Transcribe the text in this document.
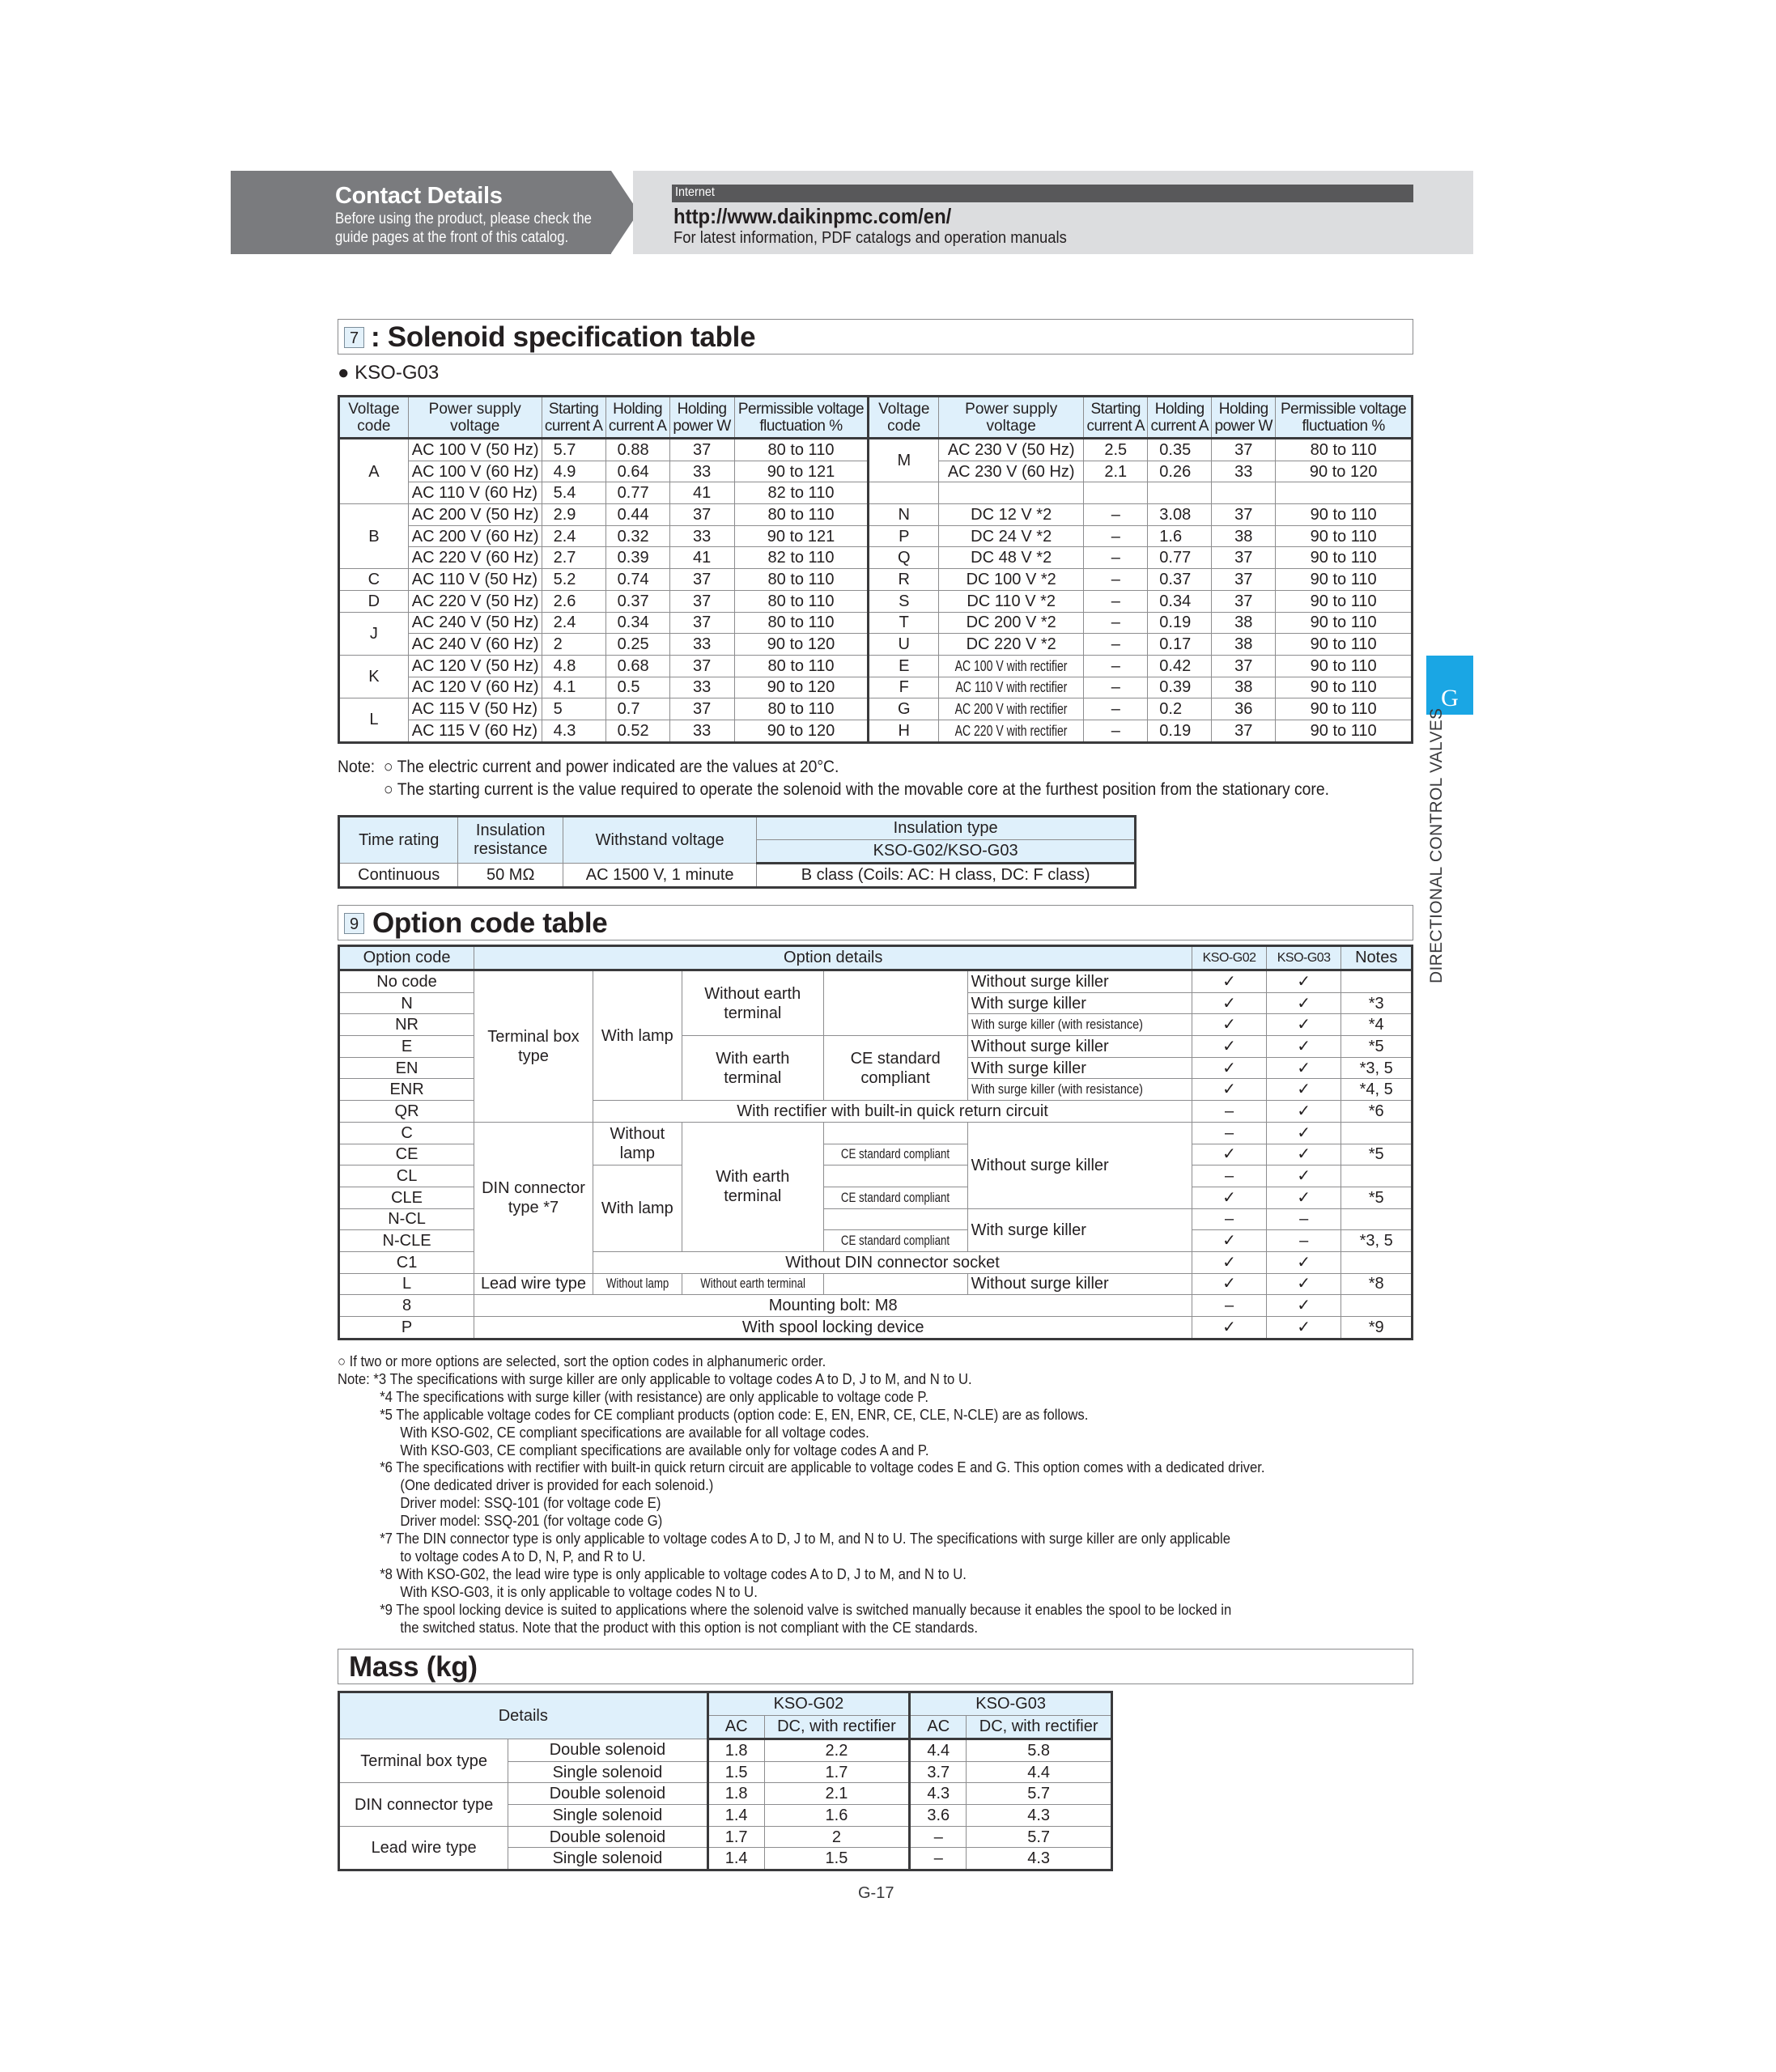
Contact Details
Before using the product, please check the
guide pages at the front of this catalog.
Internet
http://www.daikinpmc.com/en/
For latest information, PDF catalogs and operation manuals
G
DIRECTIONAL CONTROL VALVES
7 : Solenoid specification table
● KSO-G03
Voltage code	Power supply voltage	Starting current A	Holding current A	Holding power W	Permissible voltage fluctuation %	Voltage code	Power supply voltage	Starting current A	Holding current A	Holding power W	Permissible voltage fluctuation %
A	AC 100 V (50 Hz)	5.7	0.88	37	80 to 110	M	AC 230 V (50 Hz)	2.5	0.35	37	80 to 110
	AC 100 V (60 Hz)	4.9	0.64	33	90 to 121		AC 230 V (60 Hz)	2.1	0.26	33	90 to 120
	AC 110 V (60 Hz)	5.4	0.77	41	82 to 110						
B	AC 200 V (50 Hz)	2.9	0.44	37	80 to 110	N	DC 12 V *2	–	3.08	37	90 to 110
	AC 200 V (60 Hz)	2.4	0.32	33	90 to 121	P	DC 24 V *2	–	1.6	38	90 to 110
	AC 220 V (60 Hz)	2.7	0.39	41	82 to 110	Q	DC 48 V *2	–	0.77	37	90 to 110
C	AC 110 V (50 Hz)	5.2	0.74	37	80 to 110	R	DC 100 V *2	–	0.37	37	90 to 110
D	AC 220 V (50 Hz)	2.6	0.37	37	80 to 110	S	DC 110 V *2	–	0.34	37	90 to 110
J	AC 240 V (50 Hz)	2.4	0.34	37	80 to 110	T	DC 200 V *2	–	0.19	38	90 to 110
	AC 240 V (60 Hz)	2	0.25	33	90 to 120	U	DC 220 V *2	–	0.17	38	90 to 110
K	AC 120 V (50 Hz)	4.8	0.68	37	80 to 110	E	AC 100 V with rectifier	–	0.42	37	90 to 110
	AC 120 V (60 Hz)	4.1	0.5	33	90 to 120	F	AC 110 V with rectifier	–	0.39	38	90 to 110
L	AC 115 V (50 Hz)	5	0.7	37	80 to 110	G	AC 200 V with rectifier	–	0.2	36	90 to 110
	AC 115 V (60 Hz)	4.3	0.52	33	90 to 120	H	AC 220 V with rectifier	–	0.19	37	90 to 110
Note: ○ The electric current and power indicated are the values at 20°C.
○ The starting current is the value required to operate the solenoid with the movable core at the furthest position from the stationary core.
Time rating	Insulation resistance	Withstand voltage	Insulation type
			KSO-G02/KSO-G03
Continuous	50 MΩ	AC 1500 V, 1 minute	B class (Coils: AC: H class, DC: F class)
9 Option code table
Option code	Option details					KSO-G02	KSO-G03	Notes
No code	Terminal box type	With lamp	Without earth terminal		Without surge killer	✓	✓	
N					With surge killer	✓	✓	*3
NR					With surge killer (with resistance)	✓	✓	*4
E			With earth terminal	CE standard compliant	Without surge killer	✓	✓	*5
EN					With surge killer	✓	✓	*3, 5
ENR					With surge killer (with resistance)	✓	✓	*4, 5
QR		With rectifier with built-in quick return circuit				–	✓	*6
C	DIN connector type *7	Without lamp	With earth terminal		Without surge killer	–	✓	
CE				CE standard compliant		✓	✓	*5
CL		With lamp				–	✓	
CLE				CE standard compliant		✓	✓	*5
N-CL					With surge killer	–	–	
N-CLE				CE standard compliant		✓	–	*3, 5
C1		Without DIN connector socket				✓	✓	
L	Lead wire type	Without lamp	Without earth terminal		Without surge killer	✓	✓	*8
8	Mounting bolt: M8					–	✓	
P	With spool locking device					✓	✓	*9
○ If two or more options are selected, sort the option codes in alphanumeric order.
Note: *3 The specifications with surge killer are only applicable to voltage codes A to D, J to M, and N to U.
*4 The specifications with surge killer (with resistance) are only applicable to voltage code P.
*5 The applicable voltage codes for CE compliant products (option code: E, EN, ENR, CE, CLE, N-CLE) are as follows.
With KSO-G02, CE compliant specifications are available for all voltage codes.
With KSO-G03, CE compliant specifications are available only for voltage codes A and P.
*6 The specifications with rectifier with built-in quick return circuit are applicable to voltage codes E and G. This option comes with a dedicated driver.
(One dedicated driver is provided for each solenoid.)
Driver model: SSQ-101 (for voltage code E)
Driver model: SSQ-201 (for voltage code G)
*7 The DIN connector type is only applicable to voltage codes A to D, J to M, and N to U. The specifications with surge killer are only applicable
to voltage codes A to D, N, P, and R to U.
*8 With KSO-G02, the lead wire type is only applicable to voltage codes A to D, J to M, and N to U.
With KSO-G03, it is only applicable to voltage codes N to U.
*9 The spool locking device is suited to applications where the solenoid valve is switched manually because it enables the spool to be locked in
the switched status. Note that the product with this option is not compliant with the CE standards.
Mass (kg)
Details		KSO-G02		KSO-G03	
		AC	DC, with rectifier	AC	DC, with rectifier
Terminal box type	Double solenoid	1.8	2.2	4.4	5.8
	Single solenoid	1.5	1.7	3.7	4.4
DIN connector type	Double solenoid	1.8	2.1	4.3	5.7
	Single solenoid	1.4	1.6	3.6	4.3
Lead wire type	Double solenoid	1.7	2	–	5.7
	Single solenoid	1.4	1.5	–	4.3
G-17
